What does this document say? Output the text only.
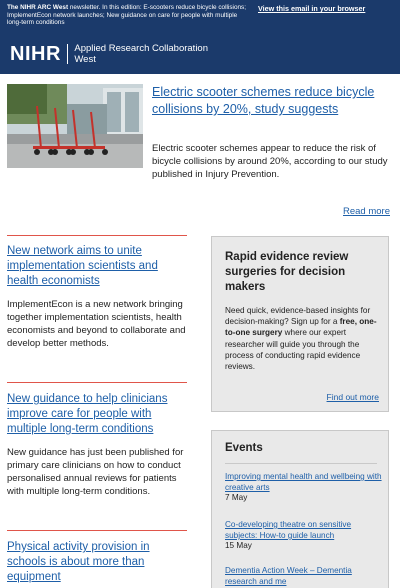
The NIHR ARC West newsletter. In this edition: E-scooters reduce bicycle collisions; ImplementEcon network launches; New guidance on care for people with multiple long-term conditions
View this email in your browser
NIHR Applied Research Collaboration
West
Electric scooter schemes reduce bicycle collisions by 20%, study suggests

Electric scooter schemes appear to reduce the risk of bicycle collisions by around 20%, according to our study published in Injury Prevention.

Read more
New network aims to unite implementation scientists and health economists

ImplementEcon is a new network bringing together implementation scientists, health economists and beyond to collaborate and develop better methods.

New guidance to help clinicians improve care for people with multiple long-term conditions

New guidance has just been published for primary care clinicians on how to conduct personalised annual reviews for patients with multiple long-term conditions.

Physical activity provision in schools is about more than equipment
Rapid evidence review surgeries for decision makers

Need quick, evidence-based insights for decision-making? Sign up for a free, one-to-one surgery where our expert researcher will guide you through the process of conducting rapid evidence reviews.

Find out more
Events
Improving mental health and wellbeing with creative arts
7 May
Co-developing theatre on sensitive subjects: How-to guide launch
15 May
Dementia Action Week – Dementia research and me
